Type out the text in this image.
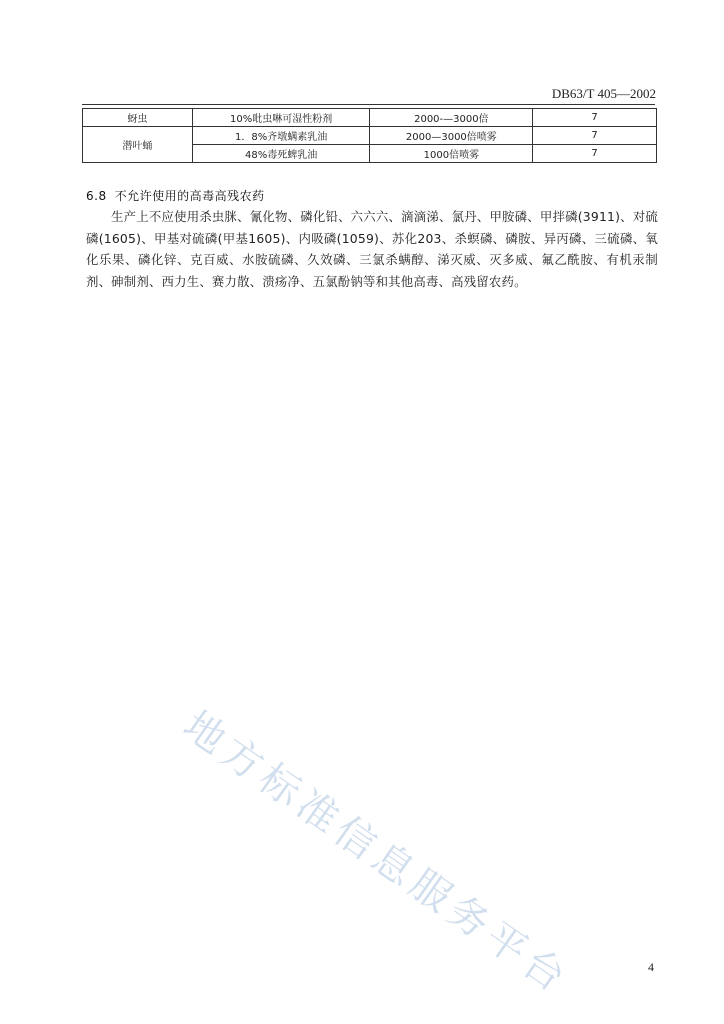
DB63/T 405—2002
蚜虫	10%吡虫啉可湿性粉剂	2000-—3000倍	7
潜叶蛹	1．8%齐墩螨素乳油	2000—3000倍喷雾	7
	48%毒死蜱乳油	1000倍喷雾	7
6.8 不允许使用的高毒高残农药

生产上不应使用杀虫脒、氰化物、磷化铅、六六六、滴滴涕、氯丹、甲胺磷、甲拌磷(3911)、对硫磷(1605)、甲基对硫磷(甲基1605)、内吸磷(1059)、苏化203、杀螟磷、磷胺、异丙磷、三硫磷、氧化乐果、磷化锌、克百威、水胺硫磷、久效磷、三氯杀螨醇、涕灭威、灭多威、氟乙酰胺、有机汞制剂、砷制剂、西力生、赛力散、溃疡净、五氯酚钠等和其他高毒、高残留农药。

地方标准信息服务平台	4
